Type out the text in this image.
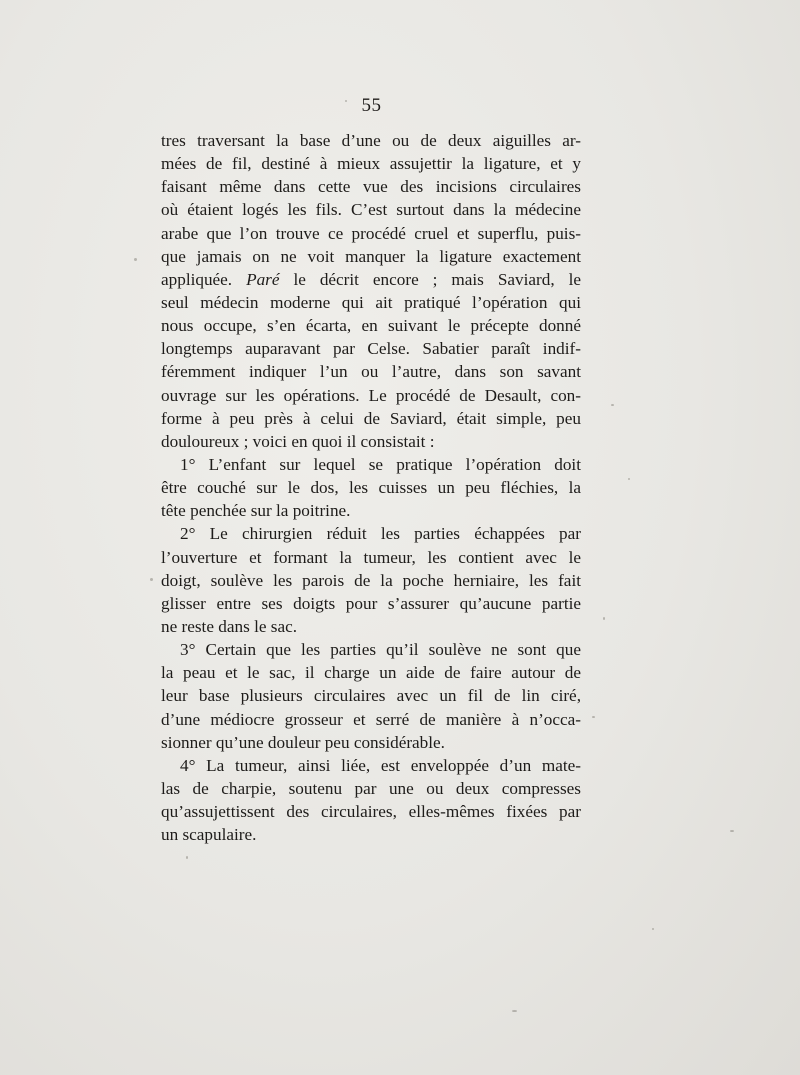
55
tres traversant la base d’une ou de deux aiguilles ar-
mées de fil, destiné à mieux assujettir la ligature, et y
faisant même dans cette vue des incisions circulaires
où étaient logés les fils. C’est surtout dans la médecine
arabe que l’on trouve ce procédé cruel et superflu, puis-
que jamais on ne voit manquer la ligature exactement
appliquée. Paré le décrit encore ; mais Saviard, le
seul médecin moderne qui ait pratiqué l’opération qui
nous occupe, s’en écarta, en suivant le précepte donné
longtemps auparavant par Celse. Sabatier paraît indif-
féremment indiquer l’un ou l’autre, dans son savant
ouvrage sur les opérations. Le procédé de Desault, con-
forme à peu près à celui de Saviard, était simple, peu
douloureux ; voici en quoi il consistait :
1° L’enfant sur lequel se pratique l’opération doit
être couché sur le dos, les cuisses un peu fléchies, la
tête penchée sur la poitrine.
2° Le chirurgien réduit les parties échappées par
l’ouverture et formant la tumeur, les contient avec le
doigt, soulève les parois de la poche herniaire, les fait
glisser entre ses doigts pour s’assurer qu’aucune partie
ne reste dans le sac.
3° Certain que les parties qu’il soulève ne sont que
la peau et le sac, il charge un aide de faire autour de
leur base plusieurs circulaires avec un fil de lin ciré,
d’une médiocre grosseur et serré de manière à n’occa-
sionner qu’une douleur peu considérable.
4° La tumeur, ainsi liée, est enveloppée d’un mate-
las de charpie, soutenu par une ou deux compresses
qu’assujettissent des circulaires, elles-mêmes fixées par
un scapulaire.
